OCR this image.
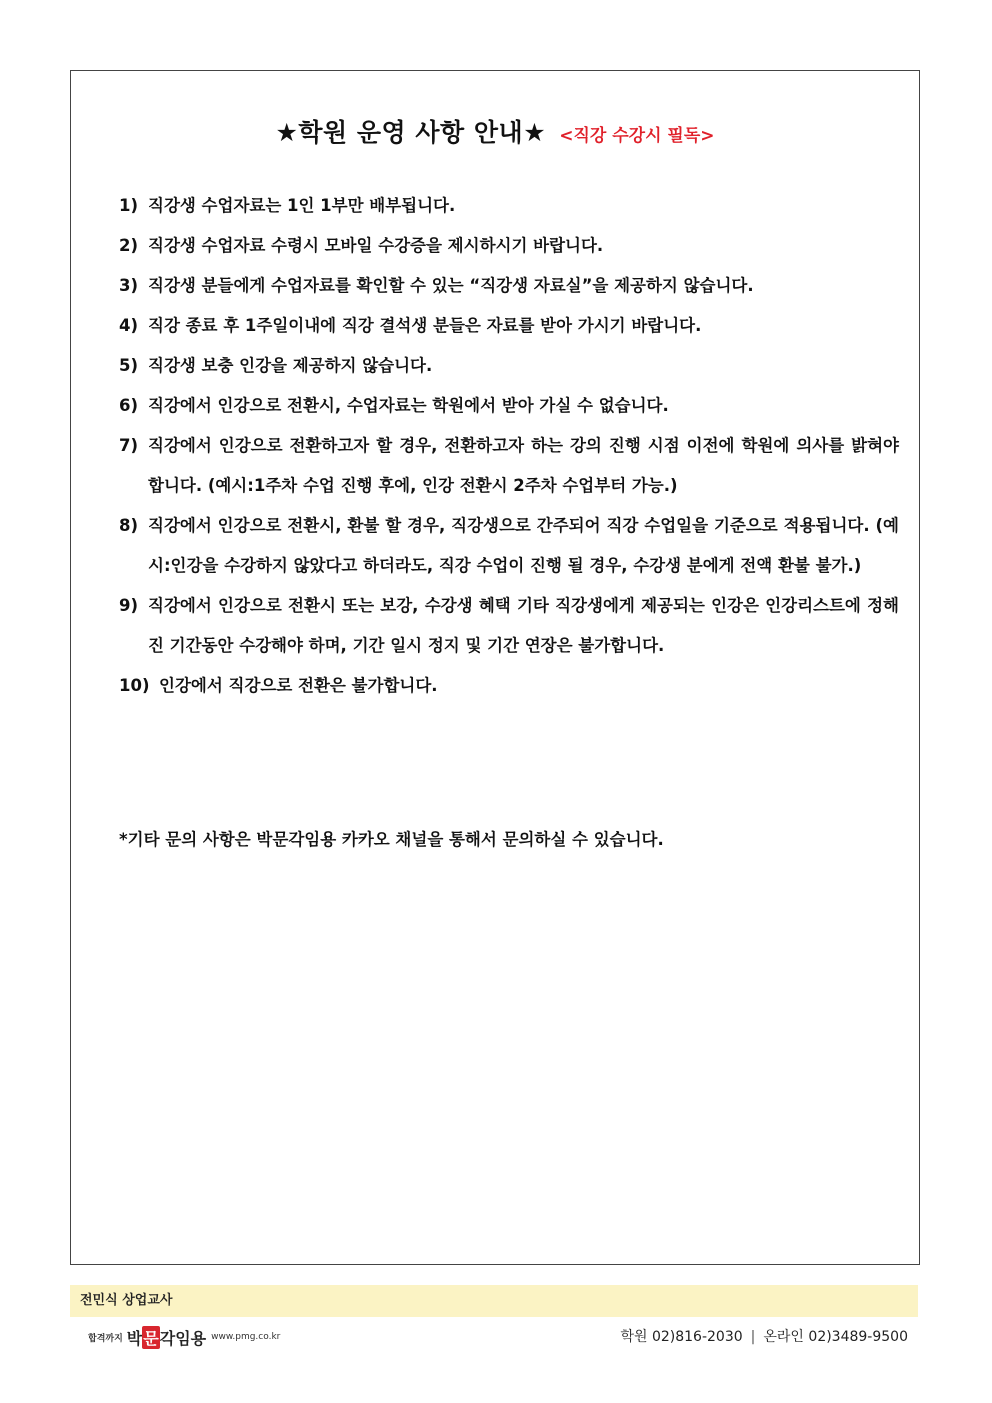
★학원 운영 사항 안내★ <직강 수강시 필독>
1) 직강생 수업자료는 1인 1부만 배부됩니다.
2) 직강생 수업자료 수령시 모바일 수강증을 제시하시기 바랍니다.
3) 직강생 분들에게 수업자료를 확인할 수 있는 “직강생 자료실”을 제공하지 않습니다.
4) 직강 종료 후 1주일이내에 직강 결석생 분들은 자료를 받아 가시기 바랍니다.
5) 직강생 보충 인강을 제공하지 않습니다.
6) 직강에서 인강으로 전환시, 수업자료는 학원에서 받아 가실 수 없습니다.
7) 직강에서 인강으로 전환하고자 할 경우, 전환하고자 하는 강의 진행 시점 이전에 학원에 의사를 밝혀야 합니다. (예시:1주차 수업 진행 후에, 인강 전환시 2주차 수업부터 가능.)
8) 직강에서 인강으로 전환시, 환불 할 경우, 직강생으로 간주되어 직강 수업일을 기준으로 적용됩니다. (예시:인강을 수강하지 않았다고 하더라도, 직강 수업이 진행 될 경우, 수강생 분에게 전액 환불 불가.)
9) 직강에서 인강으로 전환시 또는 보강, 수강생 혜택 기타 직강생에게 제공되는 인강은 인강리스트에 정해진 기간동안 수강해야 하며, 기간 일시 정지 및 기간 연장은 불가합니다.
10) 인강에서 직강으로 전환은 불가합니다.
*기타 문의 사항은 박문각임용 카카오 채널을 통해서 문의하실 수 있습니다.
전민식 상업교사
합격까지 박문각임용 www.pmg.co.kr	학원 02)816-2030 | 온라인 02)3489-9500
